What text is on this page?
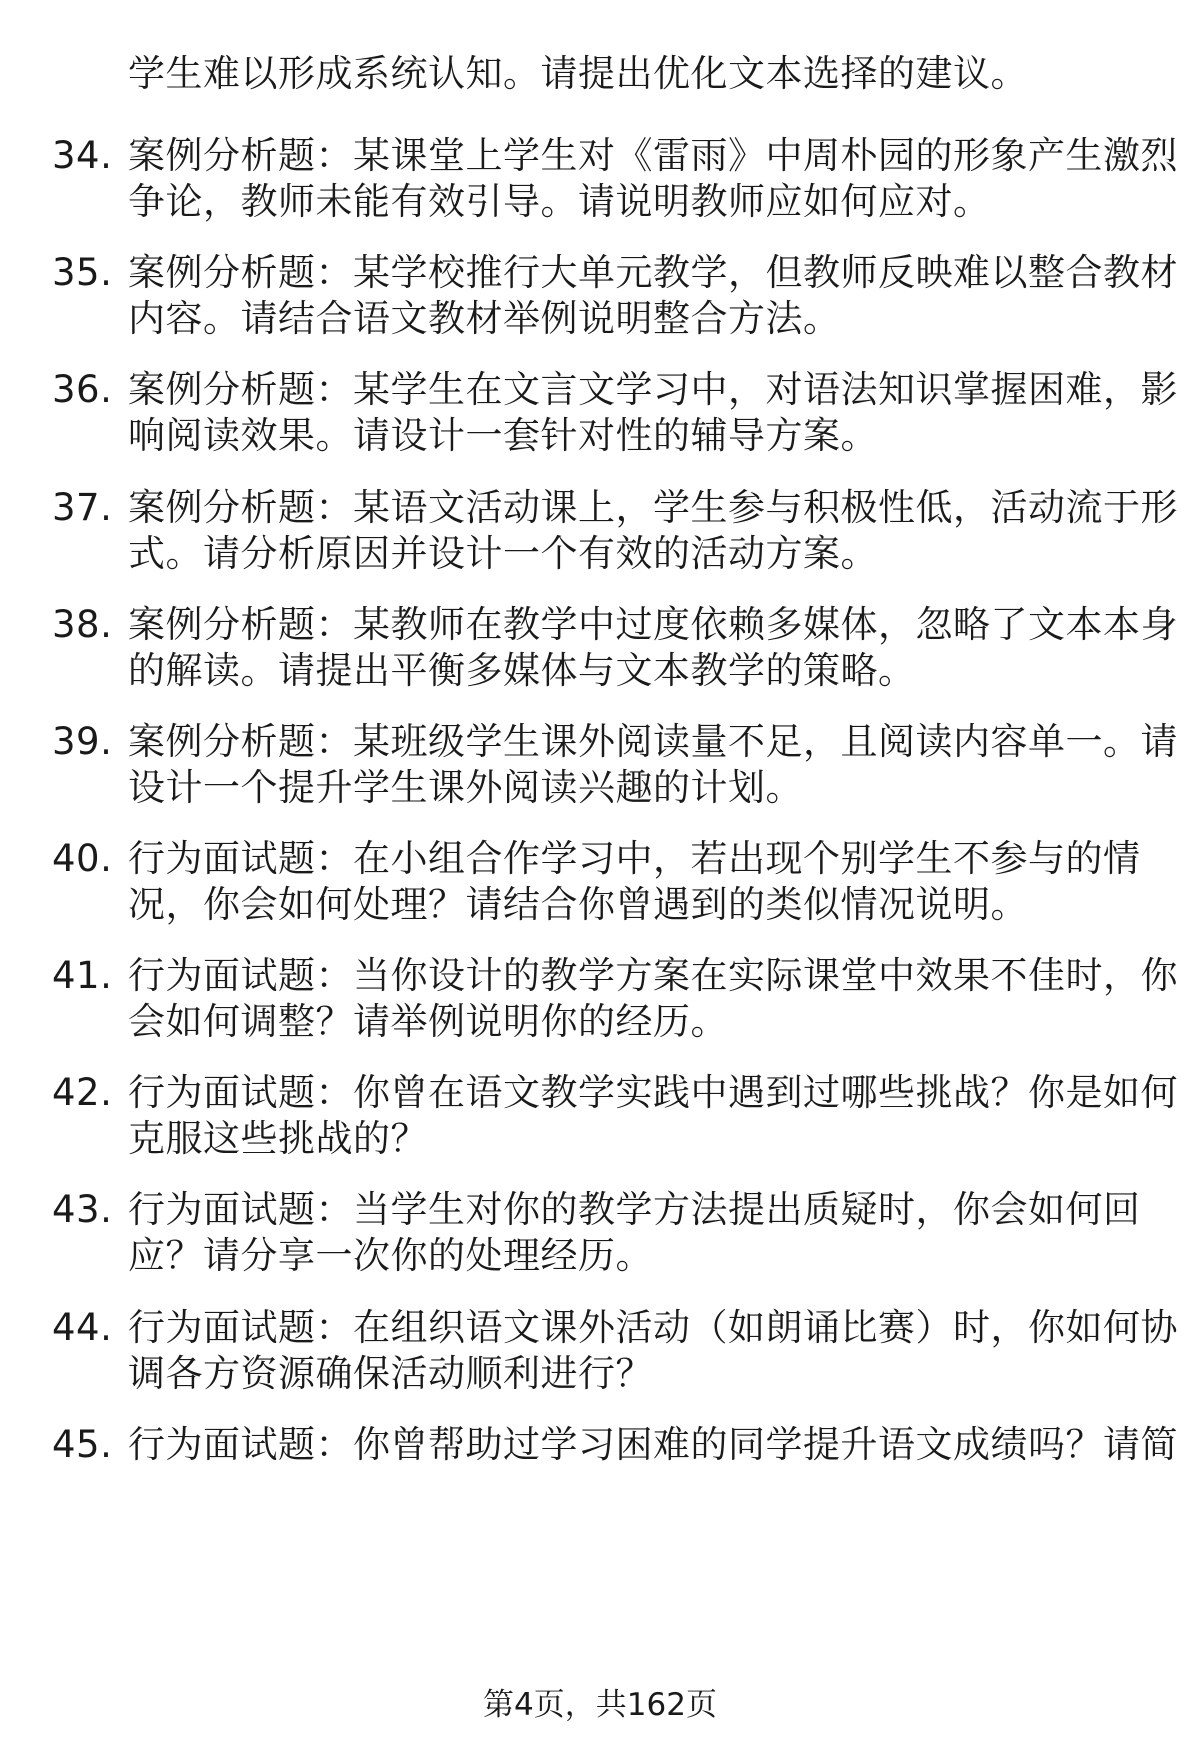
学生难以形成系统认知。请提出优化文本选择的建议。
34. 案例分析题：某课堂上学生对《雷雨》中周朴园的形象产生激烈
争论，教师未能有效引导。请说明教师应如何应对。
35. 案例分析题：某学校推行大单元教学，但教师反映难以整合教材
内容。请结合语文教材举例说明整合方法。
36. 案例分析题：某学生在文言文学习中，对语法知识掌握困难，影
响阅读效果。请设计一套针对性的辅导方案。
37. 案例分析题：某语文活动课上，学生参与积极性低，活动流于形
式。请分析原因并设计一个有效的活动方案。
38. 案例分析题：某教师在教学中过度依赖多媒体，忽略了文本本身
的解读。请提出平衡多媒体与文本教学的策略。
39. 案例分析题：某班级学生课外阅读量不足，且阅读内容单一。请
设计一个提升学生课外阅读兴趣的计划。
40. 行为面试题：在小组合作学习中，若出现个别学生不参与的情
况，你会如何处理？请结合你曾遇到的类似情况说明。
41. 行为面试题：当你设计的教学方案在实际课堂中效果不佳时，你
会如何调整？请举例说明你的经历。
42. 行为面试题：你曾在语文教学实践中遇到过哪些挑战？你是如何
克服这些挑战的？
43. 行为面试题：当学生对你的教学方法提出质疑时，你会如何回
应？请分享一次你的处理经历。
44. 行为面试题：在组织语文课外活动（如朗诵比赛）时，你如何协
调各方资源确保活动顺利进行？
45. 行为面试题：你曾帮助过学习困难的同学提升语文成绩吗？请简
第4页，共162页
